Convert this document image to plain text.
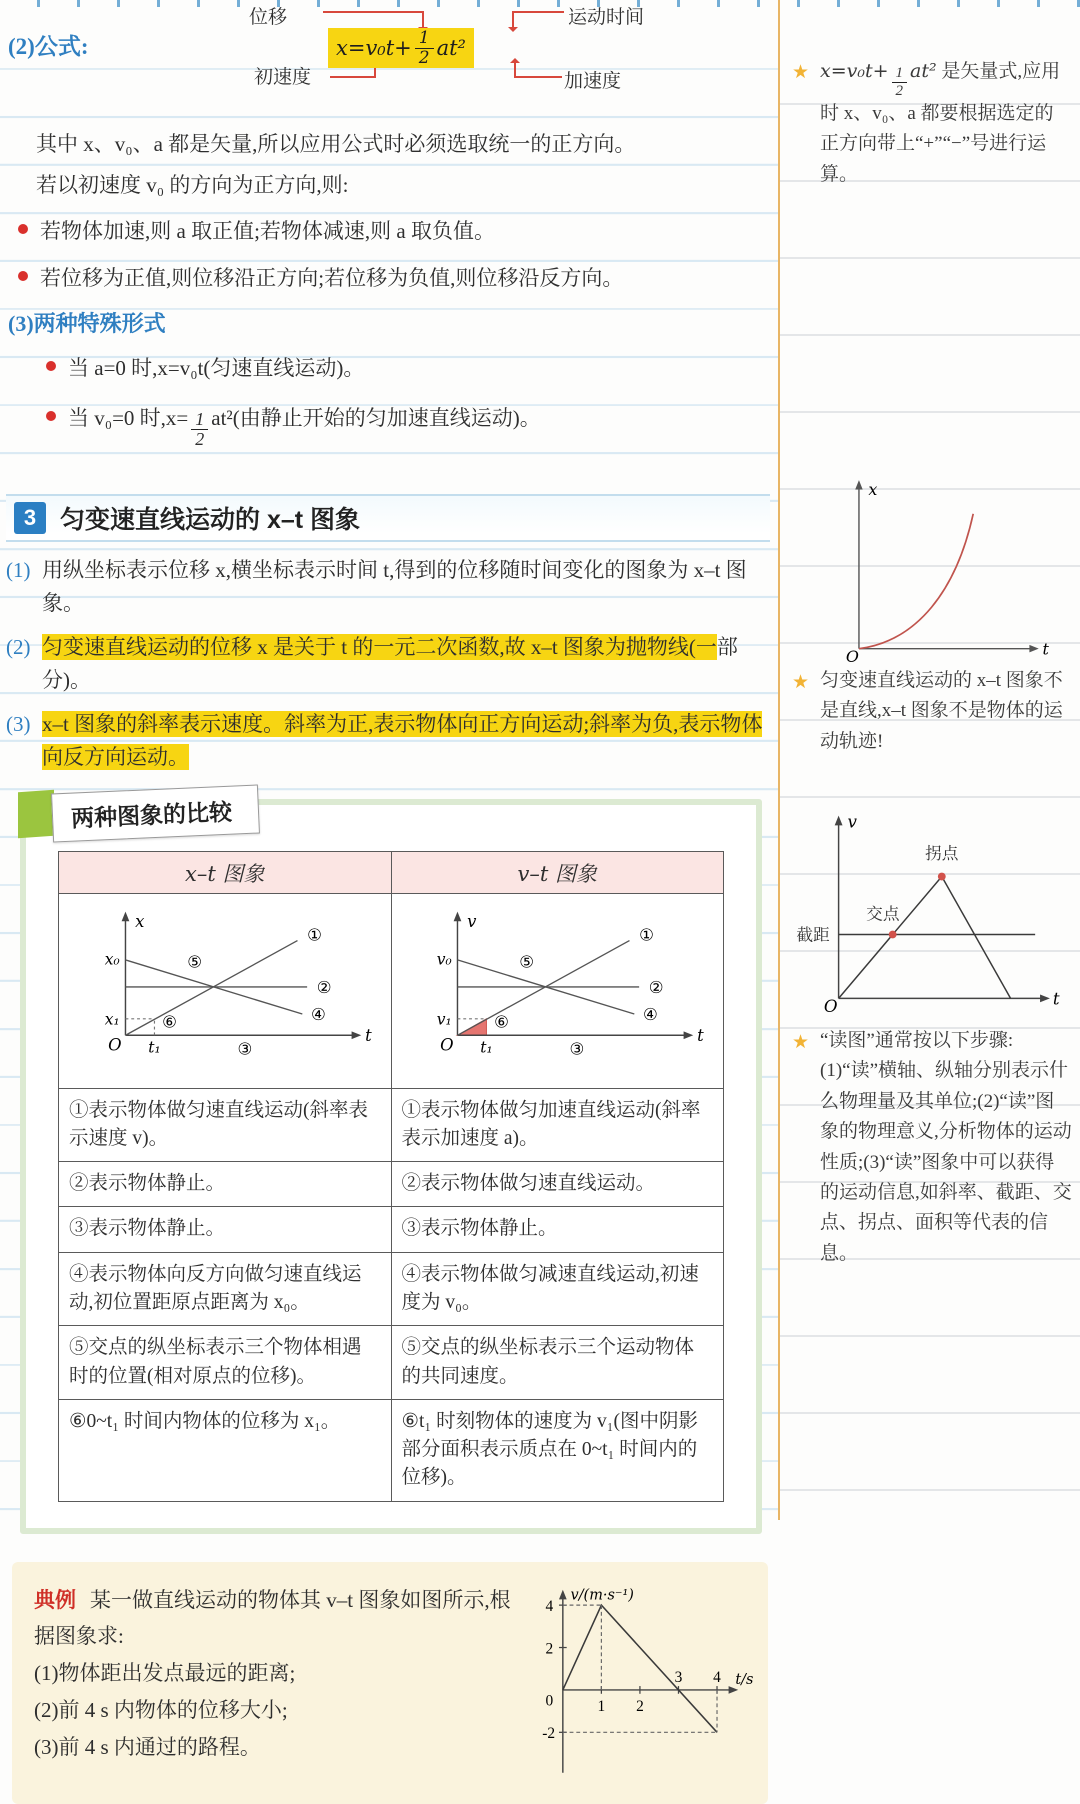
(2)公式:
位移	运动时间
初速度	加速度
$x=v_0t+ \frac{1}{2} at^2$

其中 x、v₀、a 都是矢量,所以应用公式时必须选取统一的正方向。

若以初速度 v₀ 的方向为正方向,则:

若物体加速,则 a 取正值;若物体减速,则 a 取负值。
若位移为正值,则位移沿正方向;若位移为负值,则位移沿反方向。
(3)两种特殊形式
当 a=0 时,x=v₀t(匀速直线运动)。
当 v₀=0 时$,x= \frac{1}{2} at^2$(由静止开始的匀加速直线运动)。
3 匀变速直线运动的 x–t 图象

(1) 用纵坐标表示位移 x,横坐标表示时间 t,得到的位移随时间变化的图象为 x–t 图象。

(2) 匀变速直线运动的位移 x 是关于 t 的一元二次函数,故 x–t 图象为抛物线(一部分)。

(3) x–t 图象的斜率表示速度。斜率为正,表示物体向正方向运动;斜率为负,表示物体向反方向运动。

两种图象的比较
x–t 图象	v–t 图象

x
t
O
x₀
x₁
t₁
①
②
③
④
⑤
⑥

v
t
O
v₀
v₁
t₁
①
②
③
④
⑤
⑥

①表示物体做匀速直线运动(斜率表示速度 v)。	①表示物体做匀加速直线运动(斜率表示加速度 a)。
②表示物体静止。	②表示物体做匀速直线运动。
③表示物体静止。	③表示物体静止。
④表示物体向反方向做匀速直线运动,初位置距原点距离为 x₀。	④表示物体做匀减速直线运动,初速度为 v₀。
⑤交点的纵坐标表示三个物体相遇时的位置(相对原点的位移)。	⑤交点的纵坐标表示三个运动物体的共同速度。
⑥0~t₁ 时间内物体的位移为 x₁。	⑥t₁ 时刻物体的速度为 v₁(图中阴影部分面积表示质点在 0~t₁ 时间内的位移)。

典例 某一做直线运动的物体其 v–t 图象如图所示,根据图象求:

(1)物体距出发点最远的距离;

(2)前 4 s 内物体的位移大小;

(3)前 4 s 内通过的路程。

v/(m·s⁻¹)
t/s
4
2
0
-2
1 2
3 4
★ $x=v_0t+ \frac{1}{2} at^2$ 是矢量式,应用时 x、v₀、a 都要根据选定的正方向带上“+”“−”号进行运算。
x
t
O
★ 匀变速直线运动的 x–t 图象不是直线,x–t 图象不是物体的运动轨迹!
拐点
交点
截距
v
t
O
★ “读图”通常按以下步骤:(1)“读”横轴、纵轴分别表示什么物理量及其单位;(2)“读”图象的物理意义,分析物体的运动性质;(3)“读”图象中可以获得的运动信息,如斜率、截距、交点、拐点、面积等代表的信息。
